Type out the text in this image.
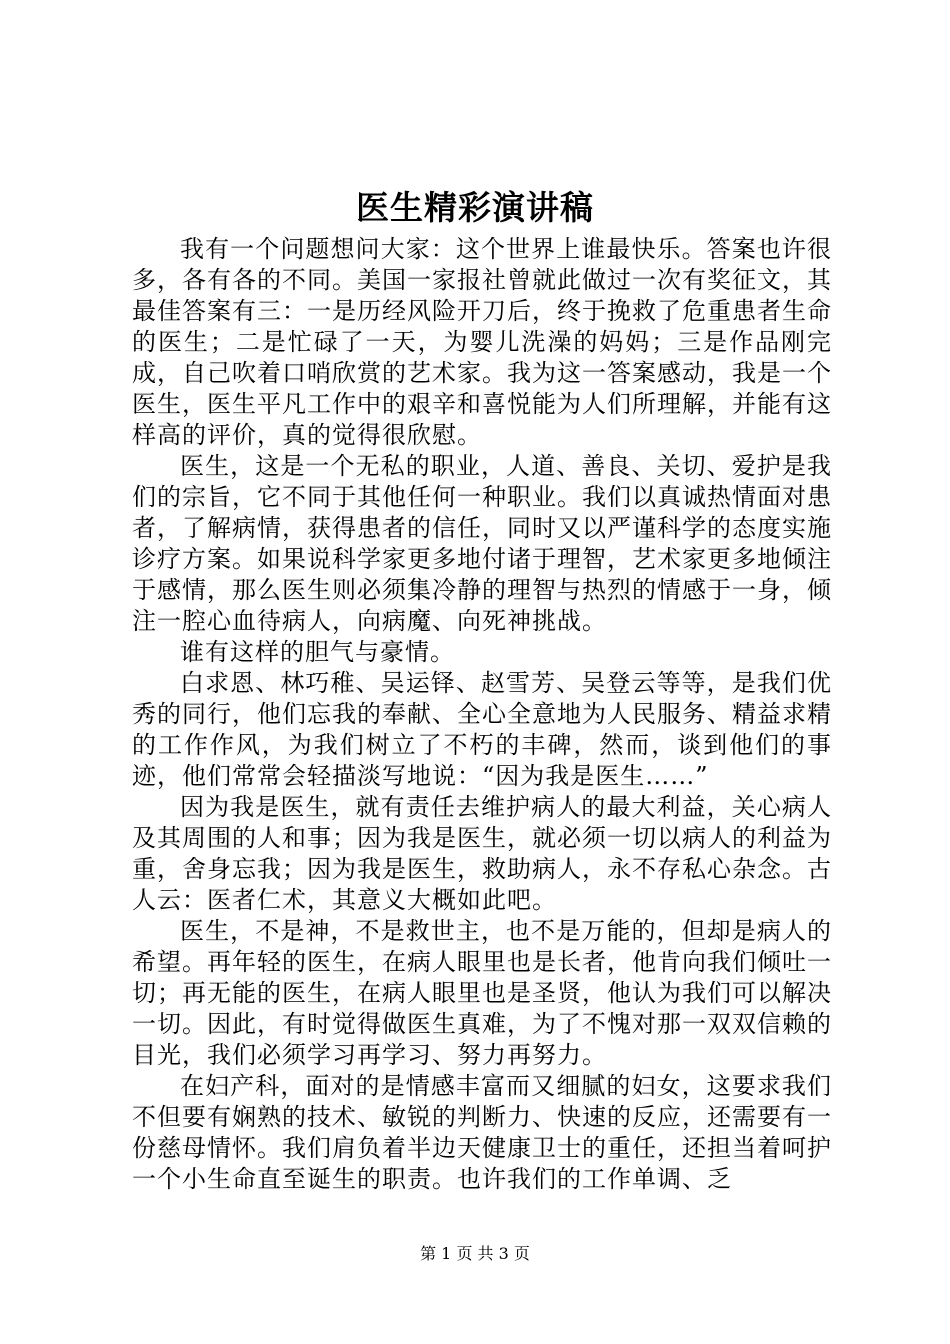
医生精彩演讲稿

我有一个问题想问大家：这个世界上谁最快乐。答案也许很多，各有各的不同。美国一家报社曾就此做过一次有奖征文，其最佳答案有三：一是历经风险开刀后，终于挽救了危重患者生命的医生；二是忙碌了一天，为婴儿洗澡的妈妈；三是作品刚完成，自己吹着口哨欣赏的艺术家。我为这一答案感动，我是一个医生，医生平凡工作中的艰辛和喜悦能为人们所理解，并能有这样高的评价，真的觉得很欣慰。

医生，这是一个无私的职业，人道、善良、关切、爱护是我们的宗旨，它不同于其他任何一种职业。我们以真诚热情面对患者，了解病情，获得患者的信任，同时又以严谨科学的态度实施诊疗方案。如果说科学家更多地付诸于理智，艺术家更多地倾注于感情，那么医生则必须集冷静的理智与热烈的情感于一身，倾注一腔心血待病人，向病魔、向死神挑战。

谁有这样的胆气与豪情。

白求恩、林巧稚、吴运铎、赵雪芳、吴登云等等，是我们优秀的同行，他们忘我的奉献、全心全意地为人民服务、精益求精的工作作风，为我们树立了不朽的丰碑，然而，谈到他们的事迹，他们常常会轻描淡写地说：“因为我是医生……”

因为我是医生，就有责任去维护病人的最大利益，关心病人及其周围的人和事；因为我是医生，就必须一切以病人的利益为重，舍身忘我；因为我是医生，救助病人，永不存私心杂念。古人云：医者仁术，其意义大概如此吧。

医生，不是神，不是救世主，也不是万能的，但却是病人的希望。再年轻的医生，在病人眼里也是长者，他肯向我们倾吐一切；再无能的医生，在病人眼里也是圣贤，他认为我们可以解决一切。因此，有时觉得做医生真难，为了不愧对那一双双信赖的目光，我们必须学习再学习、努力再努力。

在妇产科，面对的是情感丰富而又细腻的妇女，这要求我们不但要有娴熟的技术、敏锐的判断力、快速的反应，还需要有一份慈母情怀。我们肩负着半边天健康卫士的重任，还担当着呵护一个小生命直至诞生的职责。也许我们的工作单调、乏

第 1 页 共 3 页
